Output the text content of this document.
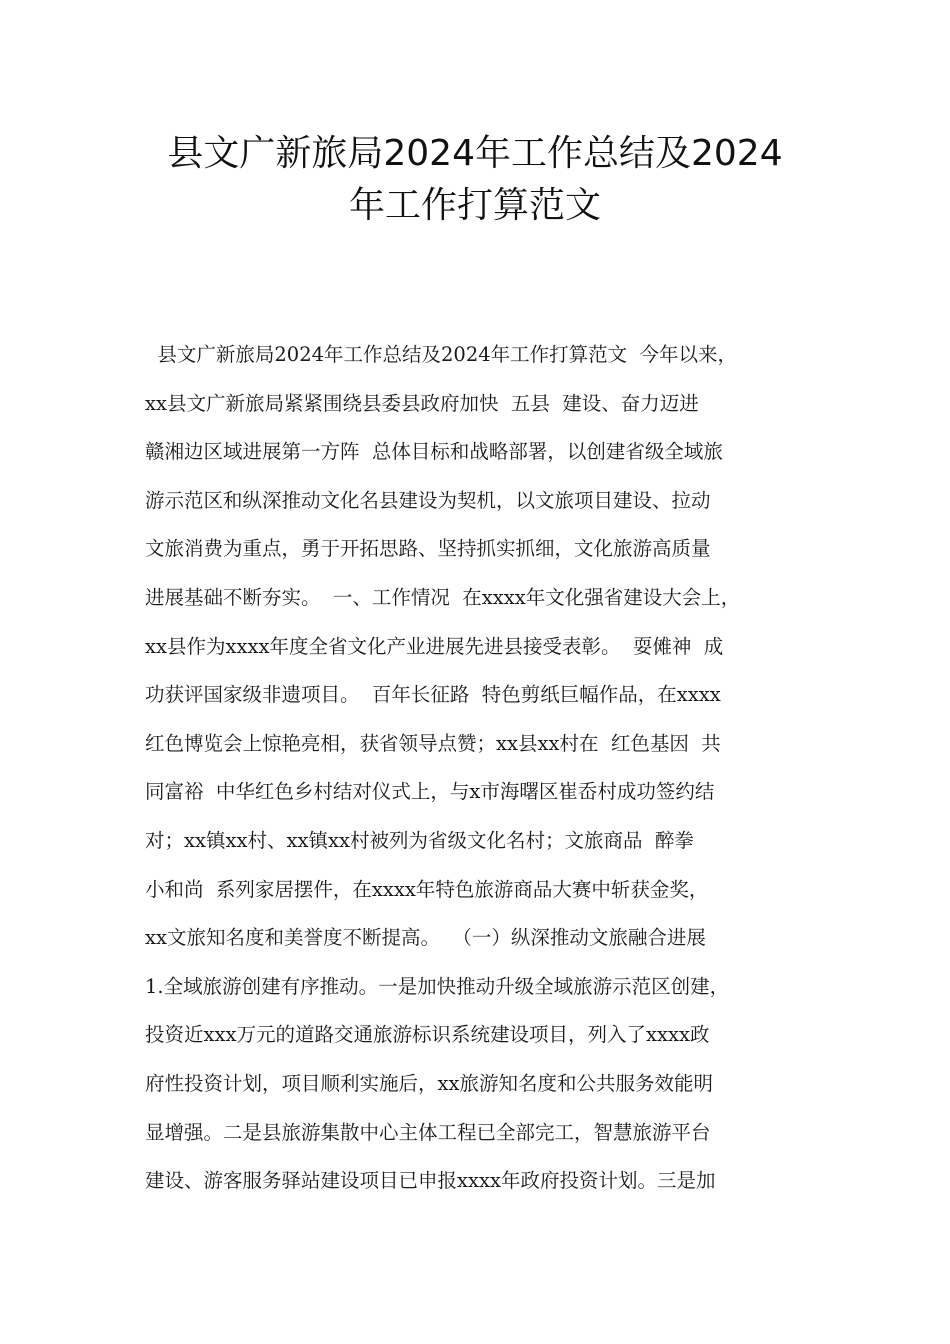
县文广新旅局2024年工作总结及2024
年工作打算范文
县文广新旅局2024年工作总结及2024年工作打算范文  今年以来，
xx县文广新旅局紧紧围绕县委县政府加快  五县  建设、奋力迈进
赣湘边区域进展第一方阵  总体目标和战略部署，以创建省级全域旅
游示范区和纵深推动文化名县建设为契机，以文旅项目建设、拉动
文旅消费为重点，勇于开拓思路、坚持抓实抓细，文化旅游高质量
进展基础不断夯实。  一、工作情况  在xxxx年文化强省建设大会上，
xx县作为xxxx年度全省文化产业进展先进县接受表彰。  耍傩神  成
功获评国家级非遗项目。  百年长征路  特色剪纸巨幅作品，在xxxx
红色博览会上惊艳亮相，获省领导点赞；xx县xx村在  红色基因  共
同富裕  中华红色乡村结对仪式上，与x市海曙区崔岙村成功签约结
对；xx镇xx村、xx镇xx村被列为省级文化名村；文旅商品  醉拳
小和尚  系列家居摆件，在xxxx年特色旅游商品大赛中斩获金奖，
xx文旅知名度和美誉度不断提高。  （一）纵深推动文旅融合进展
1.全域旅游创建有序推动。一是加快推动升级全域旅游示范区创建，
投资近xxx万元的道路交通旅游标识系统建设项目，列入了xxxx政
府性投资计划，项目顺利实施后，xx旅游知名度和公共服务效能明
显增强。二是县旅游集散中心主体工程已全部完工，智慧旅游平台
建设、游客服务驿站建设项目已申报xxxx年政府投资计划。三是加
